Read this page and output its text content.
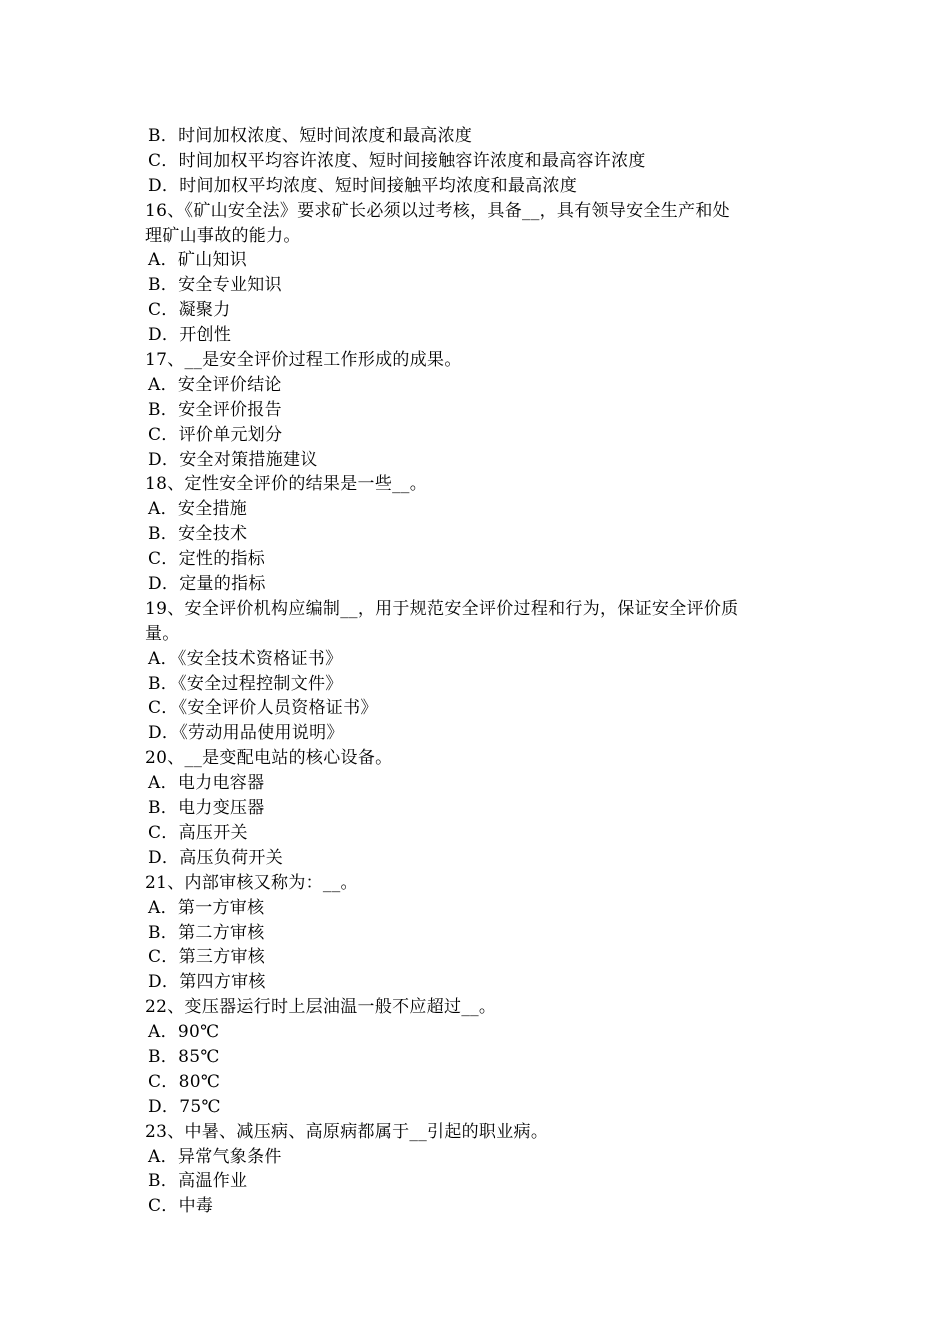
B．时间加权浓度、短时间浓度和最高浓度
C．时间加权平均容许浓度、短时间接触容许浓度和最高容许浓度
D．时间加权平均浓度、短时间接触平均浓度和最高浓度
16、《矿山安全法》要求矿长必须以过考核，具备__，具有领导安全生产和处
理矿山事故的能力。
A．矿山知识
B．安全专业知识
C．凝聚力
D．开创性
17、__是安全评价过程工作形成的成果。
A．安全评价结论
B．安全评价报告
C．评价单元划分
D．安全对策措施建议
18、定性安全评价的结果是一些__。
A．安全措施
B．安全技术
C．定性的指标
D．定量的指标
19、安全评价机构应编制__，用于规范安全评价过程和行为，保证安全评价质
量。
A．《安全技术资格证书》
B．《安全过程控制文件》
C．《安全评价人员资格证书》
D．《劳动用品使用说明》
20、__是变配电站的核心设备。
A．电力电容器
B．电力变压器
C．高压开关
D．高压负荷开关
21、内部审核又称为：__。
A．第一方审核
B．第二方审核
C．第三方审核
D．第四方审核
22、变压器运行时上层油温一般不应超过__。
A．90℃
B．85℃
C．80℃
D．75℃
23、中暑、减压病、高原病都属于__引起的职业病。
A．异常气象条件
B．高温作业
C．中毒
